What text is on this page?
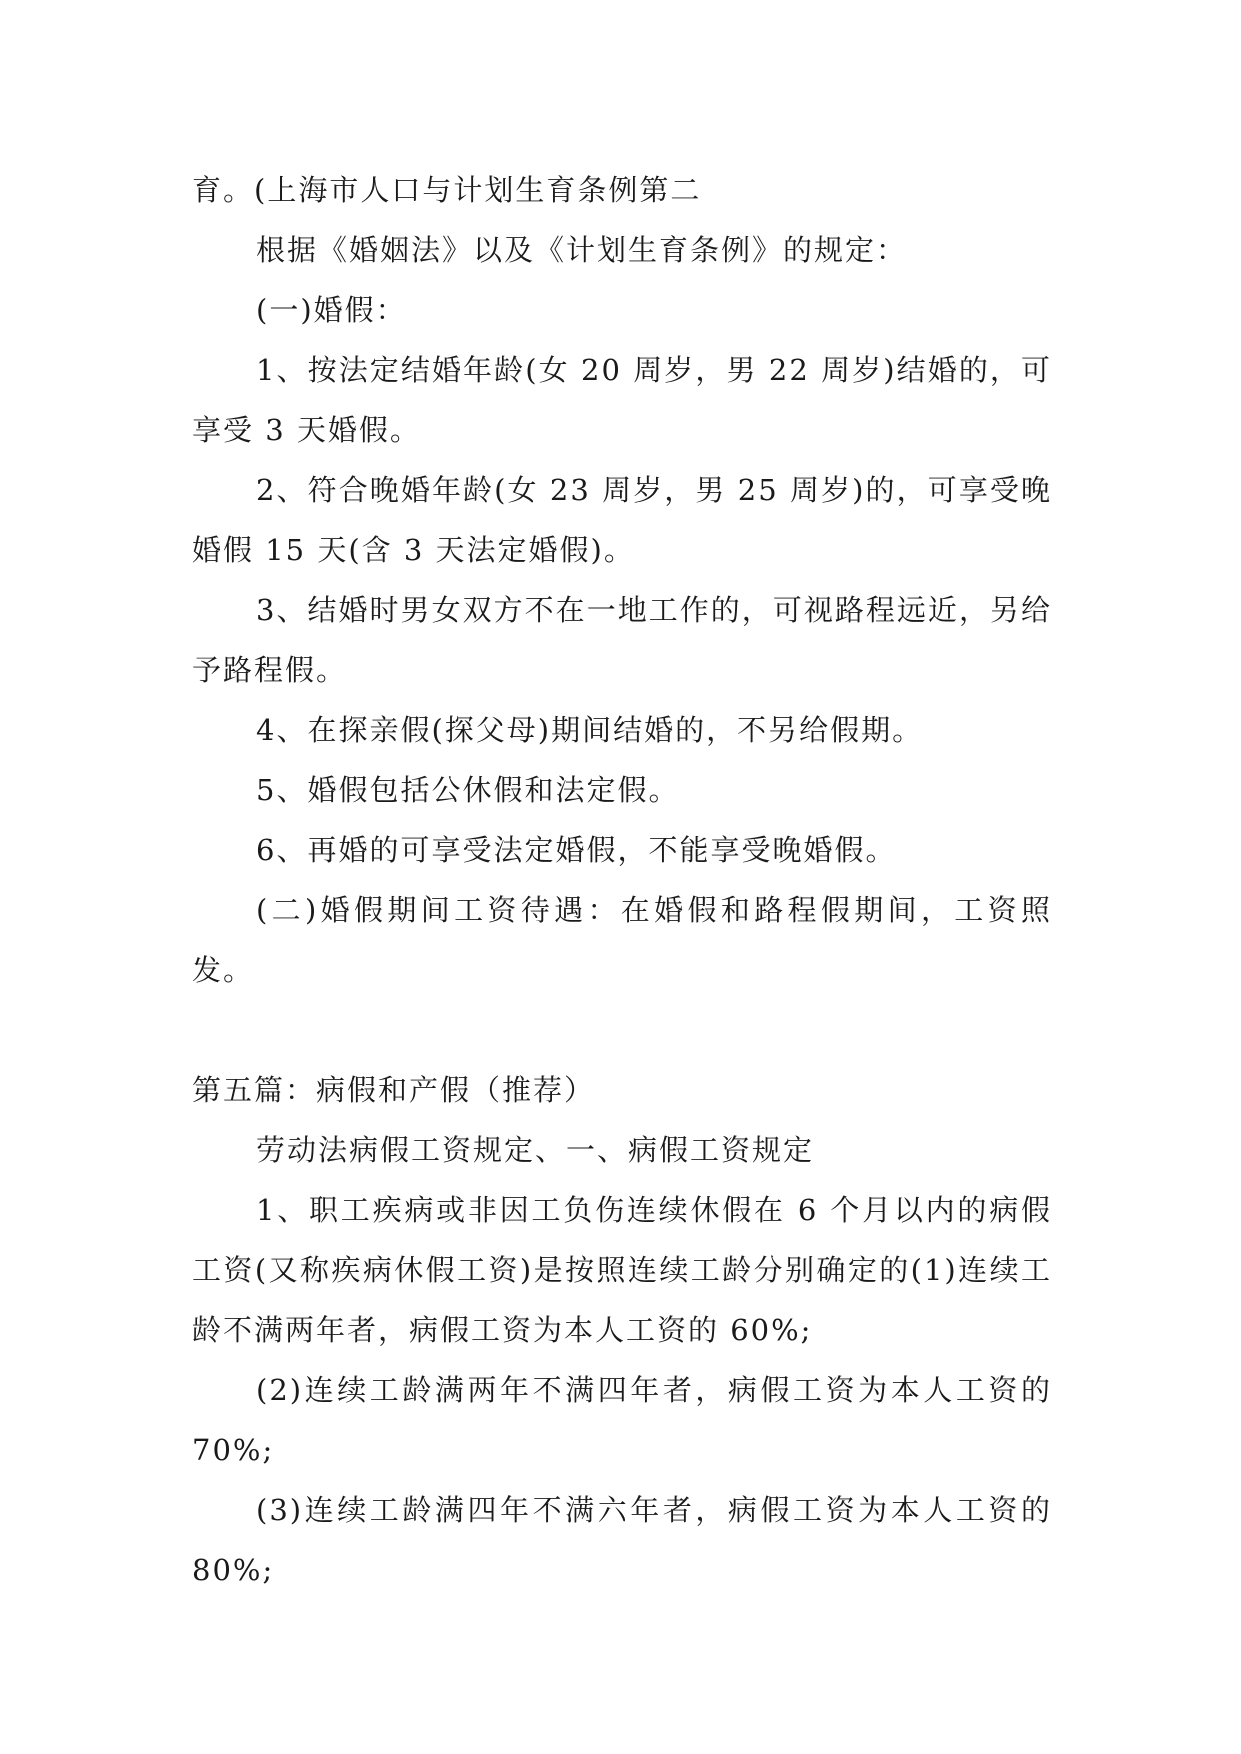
育。(上海市人口与计划生育条例第二

根据《婚姻法》以及《计划生育条例》的规定：

(一)婚假：

1、按法定结婚年龄(女 20 周岁，男 22 周岁)结婚的，可享受 3 天婚假。

2、符合晚婚年龄(女 23 周岁，男 25 周岁)的，可享受晚婚假 15 天(含 3 天法定婚假)。

3、结婚时男女双方不在一地工作的，可视路程远近，另给予路程假。

4、在探亲假(探父母)期间结婚的，不另给假期。

5、婚假包括公休假和法定假。

6、再婚的可享受法定婚假，不能享受晚婚假。

(二)婚假期间工资待遇：在婚假和路程假期间，工资照发。

第五篇：病假和产假（推荐）

劳动法病假工资规定、一、病假工资规定

1、职工疾病或非因工负伤连续休假在 6 个月以内的病假工资(又称疾病休假工资)是按照连续工龄分别确定的(1)连续工龄不满两年者，病假工资为本人工资的 60%;

(2)连续工龄满两年不满四年者，病假工资为本人工资的 70%;

(3)连续工龄满四年不满六年者，病假工资为本人工资的 80%;
